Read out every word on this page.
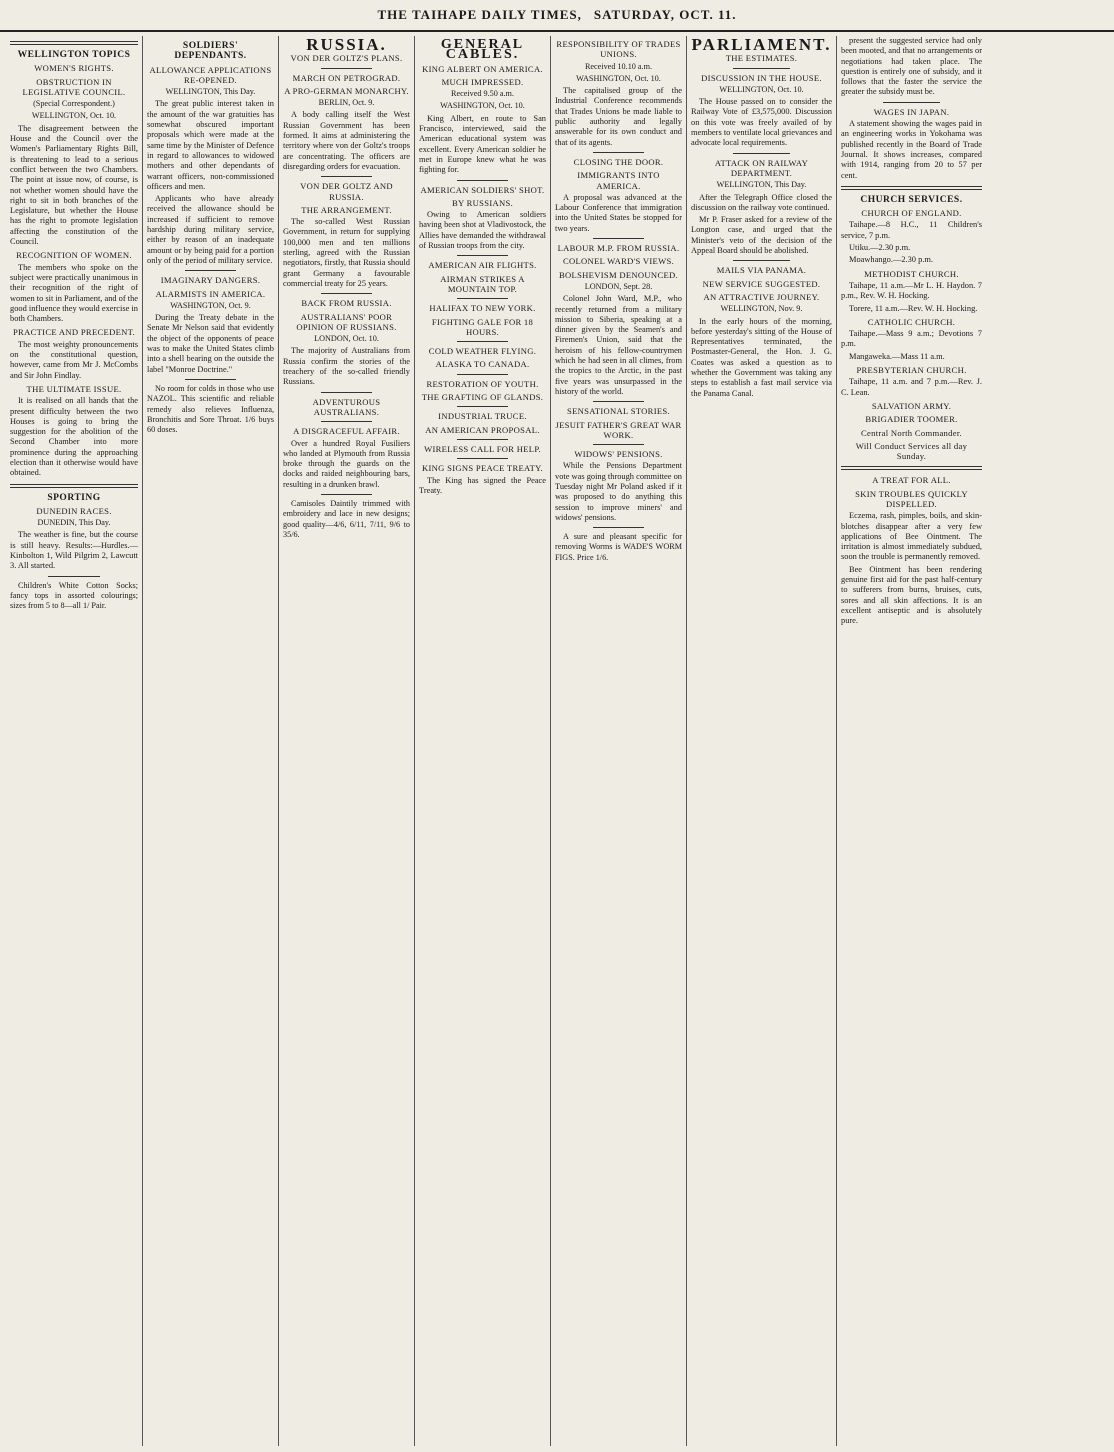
THE TAIHAPE DAILY TIMES, SATURDAY, OCT. 11.
WELLINGTON TOPICS
WOMEN'S RIGHTS.
OBSTRUCTION IN LEGISLATIVE COUNCIL.

(Special Correspondent.)

WELLINGTON, Oct. 10.

The disagreement between the House and the Council over the Women's Parliamentary Rights Bill, is threatening to lead to a serious conflict between the two Chambers. The point at issue now, of course, is not whether women should have the right to sit in both branches of the Legislature, but whether the House has the right to promote legislation affecting the constitution of the Council.

RECOGNITION OF WOMEN.

The members who spoke on the subject were practically unanimous in their recognition of the right of women to sit in Parliament, and of the good influence they would exercise in both Chambers.

PRACTICE AND PRECEDENT.

The most weighty pronouncements on the constitutional question, however, came from Mr J. McCombs and Sir John Findlay.

THE ULTIMATE ISSUE.

It is realised on all hands that the present difficulty between the two Houses is going to bring the suggestion for the abolition of the Second Chamber into more prominence during the approaching election than it otherwise would have obtained.

SPORTING
DUNEDIN RACES.

DUNEDIN, This Day.

The weather is fine, but the course is still heavy. Results:—Hurdles.—Kinbolton 1, Wild Pilgrim 2, Lawcutt 3. All started.

Children's White Cotton Socks; fancy tops in assorted colourings; sizes from 5 to 8—all 1/ Pair.

SOLDIERS' DEPENDANTS.
ALLOWANCE APPLICATIONS RE-OPENED.

WELLINGTON, This Day.

The great public interest taken in the amount of the war gratuities has somewhat obscured important proposals which were made at the same time by the Minister of Defence in regard to allowances to widowed mothers and other dependants of warrant officers, non-commissioned officers and men.

Applicants who have already received the allowance should be increased if sufficient to remove hardship during military service, either by reason of an inadequate amount or by being paid for a portion only of the period of military service.

IMAGINARY DANGERS.
ALARMISTS IN AMERICA.

WASHINGTON, Oct. 9.

During the Treaty debate in the Senate Mr Nelson said that evidently the object of the opponents of peace was to make the United States climb into a shell bearing on the outside the label "Monroe Doctrine."

No room for colds in those who use NAZOL. This scientific and reliable remedy also relieves Influenza, Bronchitis and Sore Throat. 1/6 buys 60 doses.

RUSSIA.
VON DER GOLTZ'S PLANS.
MARCH ON PETROGRAD.
A PRO-GERMAN MONARCHY.

BERLIN, Oct. 9.

A body calling itself the West Russian Government has been formed. It aims at administering the territory where von der Goltz's troops are concentrating. The officers are disregarding orders for evacuation.

VON DER GOLTZ AND RUSSIA.
THE ARRANGEMENT.

The so-called West Russian Government, in return for supplying 100,000 men and ten millions sterling, agreed with the Russian negotiators, firstly, that Russia should grant Germany a favourable commercial treaty for 25 years.

BACK FROM RUSSIA.
AUSTRALIANS' POOR OPINION OF RUSSIANS.

LONDON, Oct. 10.

The majority of Australians from Russia confirm the stories of the treachery of the so-called friendly Russians.

ADVENTUROUS AUSTRALIANS.
A DISGRACEFUL AFFAIR.

Over a hundred Royal Fusiliers who landed at Plymouth from Russia broke through the guards on the docks and raided neighbouring bars, resulting in a drunken brawl.

Camisoles Daintily trimmed with embroidery and lace in new designs; good quality—4/6, 6/11, 7/11, 9/6 to 35/6.

GENERAL CABLES.
KING ALBERT ON AMERICA.
MUCH IMPRESSED.

Received 9.50 a.m.

WASHINGTON, Oct. 10.

King Albert, en route to San Francisco, interviewed, said the American educational system was excellent. Every American soldier he met in Europe knew what he was fighting for.

AMERICAN SOLDIERS' SHOT.
BY RUSSIANS.

Owing to American soldiers having been shot at Vladivostock, the Allies have demanded the withdrawal of Russian troops from the city.

AMERICAN AIR FLIGHTS.
AIRMAN STRIKES A MOUNTAIN TOP.
HALIFAX TO NEW YORK.
FIGHTING GALE FOR 18 HOURS.
COLD WEATHER FLYING.
ALASKA TO CANADA.
RESTORATION OF YOUTH.
THE GRAFTING OF GLANDS.
INDUSTRIAL TRUCE.
AN AMERICAN PROPOSAL.
WIRELESS CALL FOR HELP.
KING SIGNS PEACE TREATY.

The King has signed the Peace Treaty.

RESPONSIBILITY OF TRADES UNIONS.

Received 10.10 a.m.

WASHINGTON, Oct. 10.

The capitalised group of the Industrial Conference recommends that Trades Unions be made liable to public authority and legally answerable for its own conduct and that of its agents.

CLOSING THE DOOR.
IMMIGRANTS INTO AMERICA.

A proposal was advanced at the Labour Conference that immigration into the United States be stopped for two years.

LABOUR M.P. FROM RUSSIA.
COLONEL WARD'S VIEWS.
BOLSHEVISM DENOUNCED.

LONDON, Sept. 28.

Colonel John Ward, M.P., who recently returned from a military mission to Siberia, speaking at a dinner given by the Seamen's and Firemen's Union, said that the heroism of his fellow-countrymen which he had seen in all climes, from the tropics to the Arctic, in the past five years was unsurpassed in the history of the world.

SENSATIONAL STORIES.
JESUIT FATHER'S GREAT WAR WORK.
WIDOWS' PENSIONS.

While the Pensions Department vote was going through committee on Tuesday night Mr Poland asked if it was proposed to do anything this session to improve miners' and widows' pensions.

A sure and pleasant specific for removing Worms is WADE'S WORM FIGS. Price 1/6.

PARLIAMENT.
THE ESTIMATES.
DISCUSSION IN THE HOUSE.

WELLINGTON, Oct. 10.

The House passed on to consider the Railway Vote of £3,575,000. Discussion on this vote was freely availed of by members to ventilate local grievances and advocate local requirements.

ATTACK ON RAILWAY DEPARTMENT.

WELLINGTON, This Day.

After the Telegraph Office closed the discussion on the railway vote continued.

Mr P. Fraser asked for a review of the Longton case, and urged that the Minister's veto of the decision of the Appeal Board should be abolished.

MAILS VIA PANAMA.
NEW SERVICE SUGGESTED.
AN ATTRACTIVE JOURNEY.

WELLINGTON, Nov. 9.

In the early hours of the morning, before yesterday's sitting of the House of Representatives terminated, the Postmaster-General, the Hon. J. G. Coates was asked a question as to whether the Government was taking any steps to establish a fast mail service via the Panama Canal.

present the suggested service had only been mooted, and that no arrangements or negotiations had taken place. The question is entirely one of subsidy, and it follows that the faster the service the greater the subsidy must be.

WAGES IN JAPAN.

A statement showing the wages paid in an engineering works in Yokohama was published recently in the Board of Trade Journal. It shows increases, compared with 1914, ranging from 20 to 57 per cent.

CHURCH SERVICES.
CHURCH OF ENGLAND.

Taihape.—8 H.C., 11 Children's service, 7 p.m.

Utiku.—2.30 p.m.

Moawhango.—2.30 p.m.

METHODIST CHURCH.

Taihape, 11 a.m.—Mr L. H. Haydon. 7 p.m., Rev. W. H. Hocking.

Torere, 11 a.m.—Rev. W. H. Hocking.

CATHOLIC CHURCH.

Taihape.—Mass 9 a.m.; Devotions 7 p.m.

Mangaweka.—Mass 11 a.m.

PRESBYTERIAN CHURCH.

Taihape, 11 a.m. and 7 p.m.—Rev. J. C. Lean.

SALVATION ARMY.
BRIGADIER TOOMER.
Central North Commander.
Will Conduct Services all day Sunday.
A TREAT FOR ALL.
SKIN TROUBLES QUICKLY DISPELLED.

Eczema, rash, pimples, boils, and skin-blotches disappear after a very few applications of Bee Ointment. The irritation is almost immediately subdued, soon the trouble is permanently removed.

Bee Ointment has been rendering genuine first aid for the past half-century to sufferers from burns, bruises, cuts, sores and all skin affections. It is an excellent antiseptic and is absolutely pure.
